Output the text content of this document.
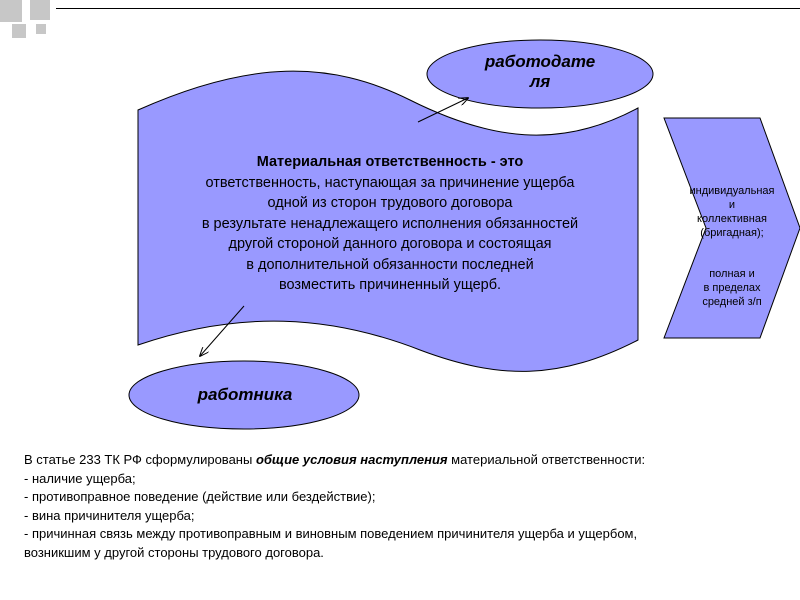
работодате
ля
работника
Материальная ответственность - это
ответственность, наступающая за причинение ущерба
одной из сторон трудового договора
в результате ненадлежащего исполнения обязанностей
другой стороной данного договора и состоящая
в дополнительной обязанности последней
возместить причиненный ущерб.
индивидуальная
и
коллективная
(бригадная);
полная и
в пределах
средней з/п
В статье 233 ТК РФ сформулированы общие условия наступления материальной ответственности:
- наличие ущерба;
- противоправное поведение (действие или бездействие);
- вина причинителя ущерба;
- причинная связь между противоправным и виновным поведением причинителя ущерба и ущербом,
возникшим у другой стороны трудового договора.
